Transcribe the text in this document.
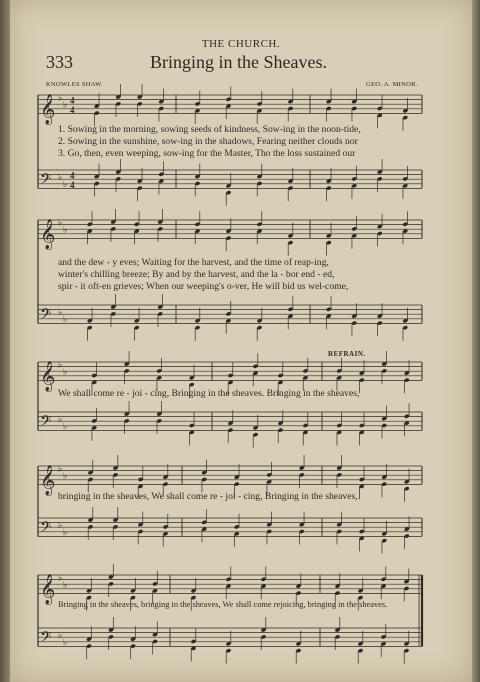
THE CHURCH.
333	Bringing in the Sheaves.
KNOWLES SHAW.	GEO. A. MINOR.
𝄞 ♭
♭ 4
4
𝄢 ♭
♭
4
4
𝄞 ♭
♭
𝄢 ♭
♭
𝄞 ♭
♭
𝄢 ♭
♭
𝄞 ♭
♭
𝄢 ♭
♭
𝄞 ♭
♭
𝄢 ♭
♭
1. Sowing in the morning, sowing seeds of kindness, Sow-ing in the noon-tide,
2. Sowing in the sunshine, sow-ing in the shadows, Fearing neither clouds nor
3. Go, then, even weeping, sow-ing for the Master, Tho the loss sustained our
and the dew - y eves; Waiting for the harvest, and the time of reap-ing,
winter's chilling breeze; By and by the harvest, and the la - bor end - ed,
spir - it oft-en grieves; When our weeping's o-ver, He will bid us wel-come,
REFRAIN.
We shall come re - joi - cing, Bringing in the sheaves. Bringing in the sheaves,
bringing in the sheaves, We shall come re - joi - cing, Bringing in the sheaves,
Bringing in the sheaves, bringing in the sheaves, We shall come rejoicing, bringing in the sheaves.
